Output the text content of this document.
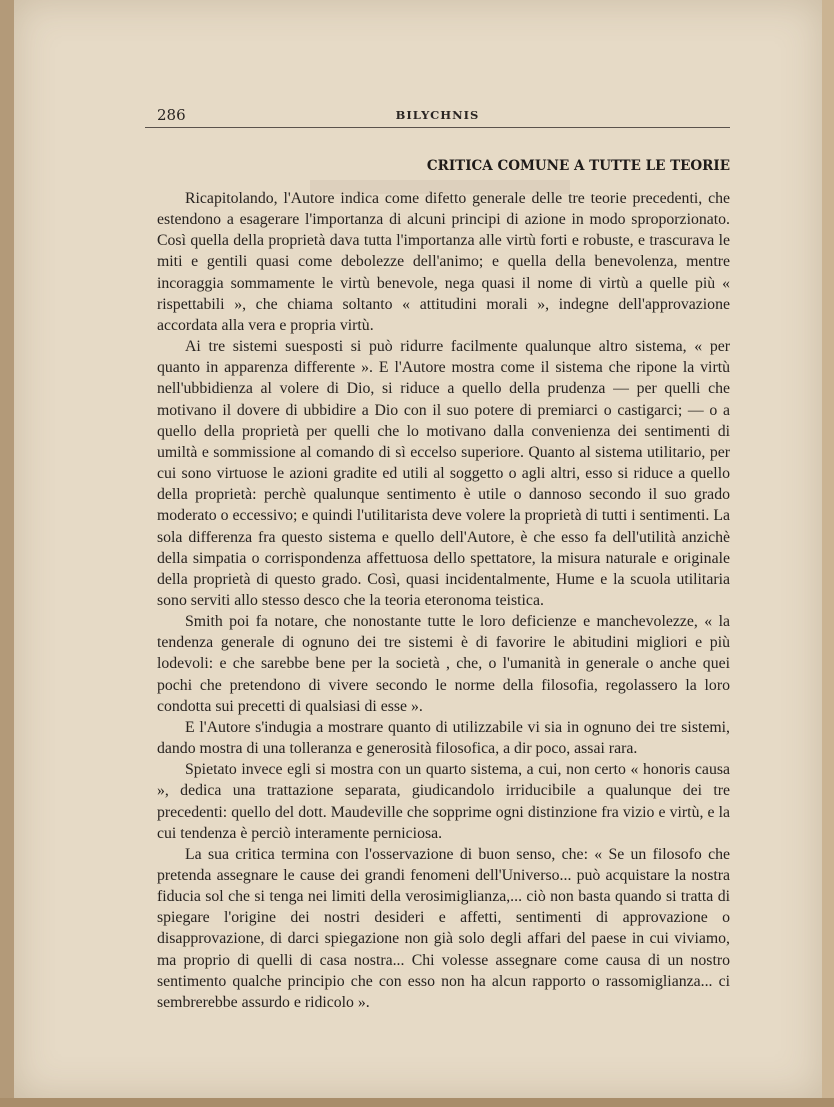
286	BILYCHNIS
CRITICA COMUNE A TUTTE LE TEORIE

Ricapitolando, l'Autore indica come difetto generale delle tre teorie precedenti, che estendono a esagerare l'importanza di alcuni principi di azione in modo sproporzionato. Così quella della proprietà dava tutta l'importanza alle virtù forti e robuste, e trascurava le miti e gentili quasi come debolezze dell'animo; e quella della benevolenza, mentre incoraggia sommamente le virtù benevole, nega quasi il nome di virtù a quelle più « rispettabili », che chiama soltanto « attitudini morali », indegne dell'approvazione accordata alla vera e propria virtù.

Ai tre sistemi suesposti si può ridurre facilmente qualunque altro sistema, « per quanto in apparenza differente ». E l'Autore mostra come il sistema che ripone la virtù nell'ubbidienza al volere di Dio, si riduce a quello della prudenza — per quelli che motivano il dovere di ubbidire a Dio con il suo potere di premiarci o castigarci; — o a quello della proprietà per quelli che lo motivano dalla convenienza dei sentimenti di umiltà e sommissione al comando di sì eccelso superiore. Quanto al sistema utilitario, per cui sono virtuose le azioni gradite ed utili al soggetto o agli altri, esso si riduce a quello della proprietà: perchè qualunque sentimento è utile o dannoso secondo il suo grado moderato o eccessivo; e quindi l'utilitarista deve volere la proprietà di tutti i sentimenti. La sola differenza fra questo sistema e quello dell'Autore, è che esso fa dell'utilità anzichè della simpatia o corrispondenza affettuosa dello spettatore, la misura naturale e originale della proprietà di questo grado. Così, quasi incidentalmente, Hume e la scuola utilitaria sono serviti allo stesso desco che la teoria eteronoma teistica.

Smith poi fa notare, che nonostante tutte le loro deficienze e manchevolezze, « la tendenza generale di ognuno dei tre sistemi è di favorire le abitudini migliori e più lodevoli: e che sarebbe bene per la società , che, o l'umanità in generale o anche quei pochi che pretendono di vivere secondo le norme della filosofia, regolassero la loro condotta sui precetti di qualsiasi di esse ».

E l'Autore s'indugia a mostrare quanto di utilizzabile vi sia in ognuno dei tre sistemi, dando mostra di una tolleranza e generosità filosofica, a dir poco, assai rara.

Spietato invece egli si mostra con un quarto sistema, a cui, non certo « honoris causa », dedica una trattazione separata, giudicandolo irriducibile a qualunque dei tre precedenti: quello del dott. Maudeville che sopprime ogni distinzione fra vizio e virtù, e la cui tendenza è perciò interamente perniciosa.

La sua critica termina con l'osservazione di buon senso, che: « Se un filosofo che pretenda assegnare le cause dei grandi fenomeni dell'Universo... può acquistare la nostra fiducia sol che si tenga nei limiti della verosimiglianza,... ciò non basta quando si tratta di spiegare l'origine dei nostri desideri e affetti, sentimenti di approvazione o disapprovazione, di darci spiegazione non già solo degli affari del paese in cui viviamo, ma proprio di quelli di casa nostra... Chi volesse assegnare come causa di un nostro sentimento qualche principio che con esso non ha alcun rapporto o rassomiglianza... ci sembrerebbe assurdo e ridicolo ».
